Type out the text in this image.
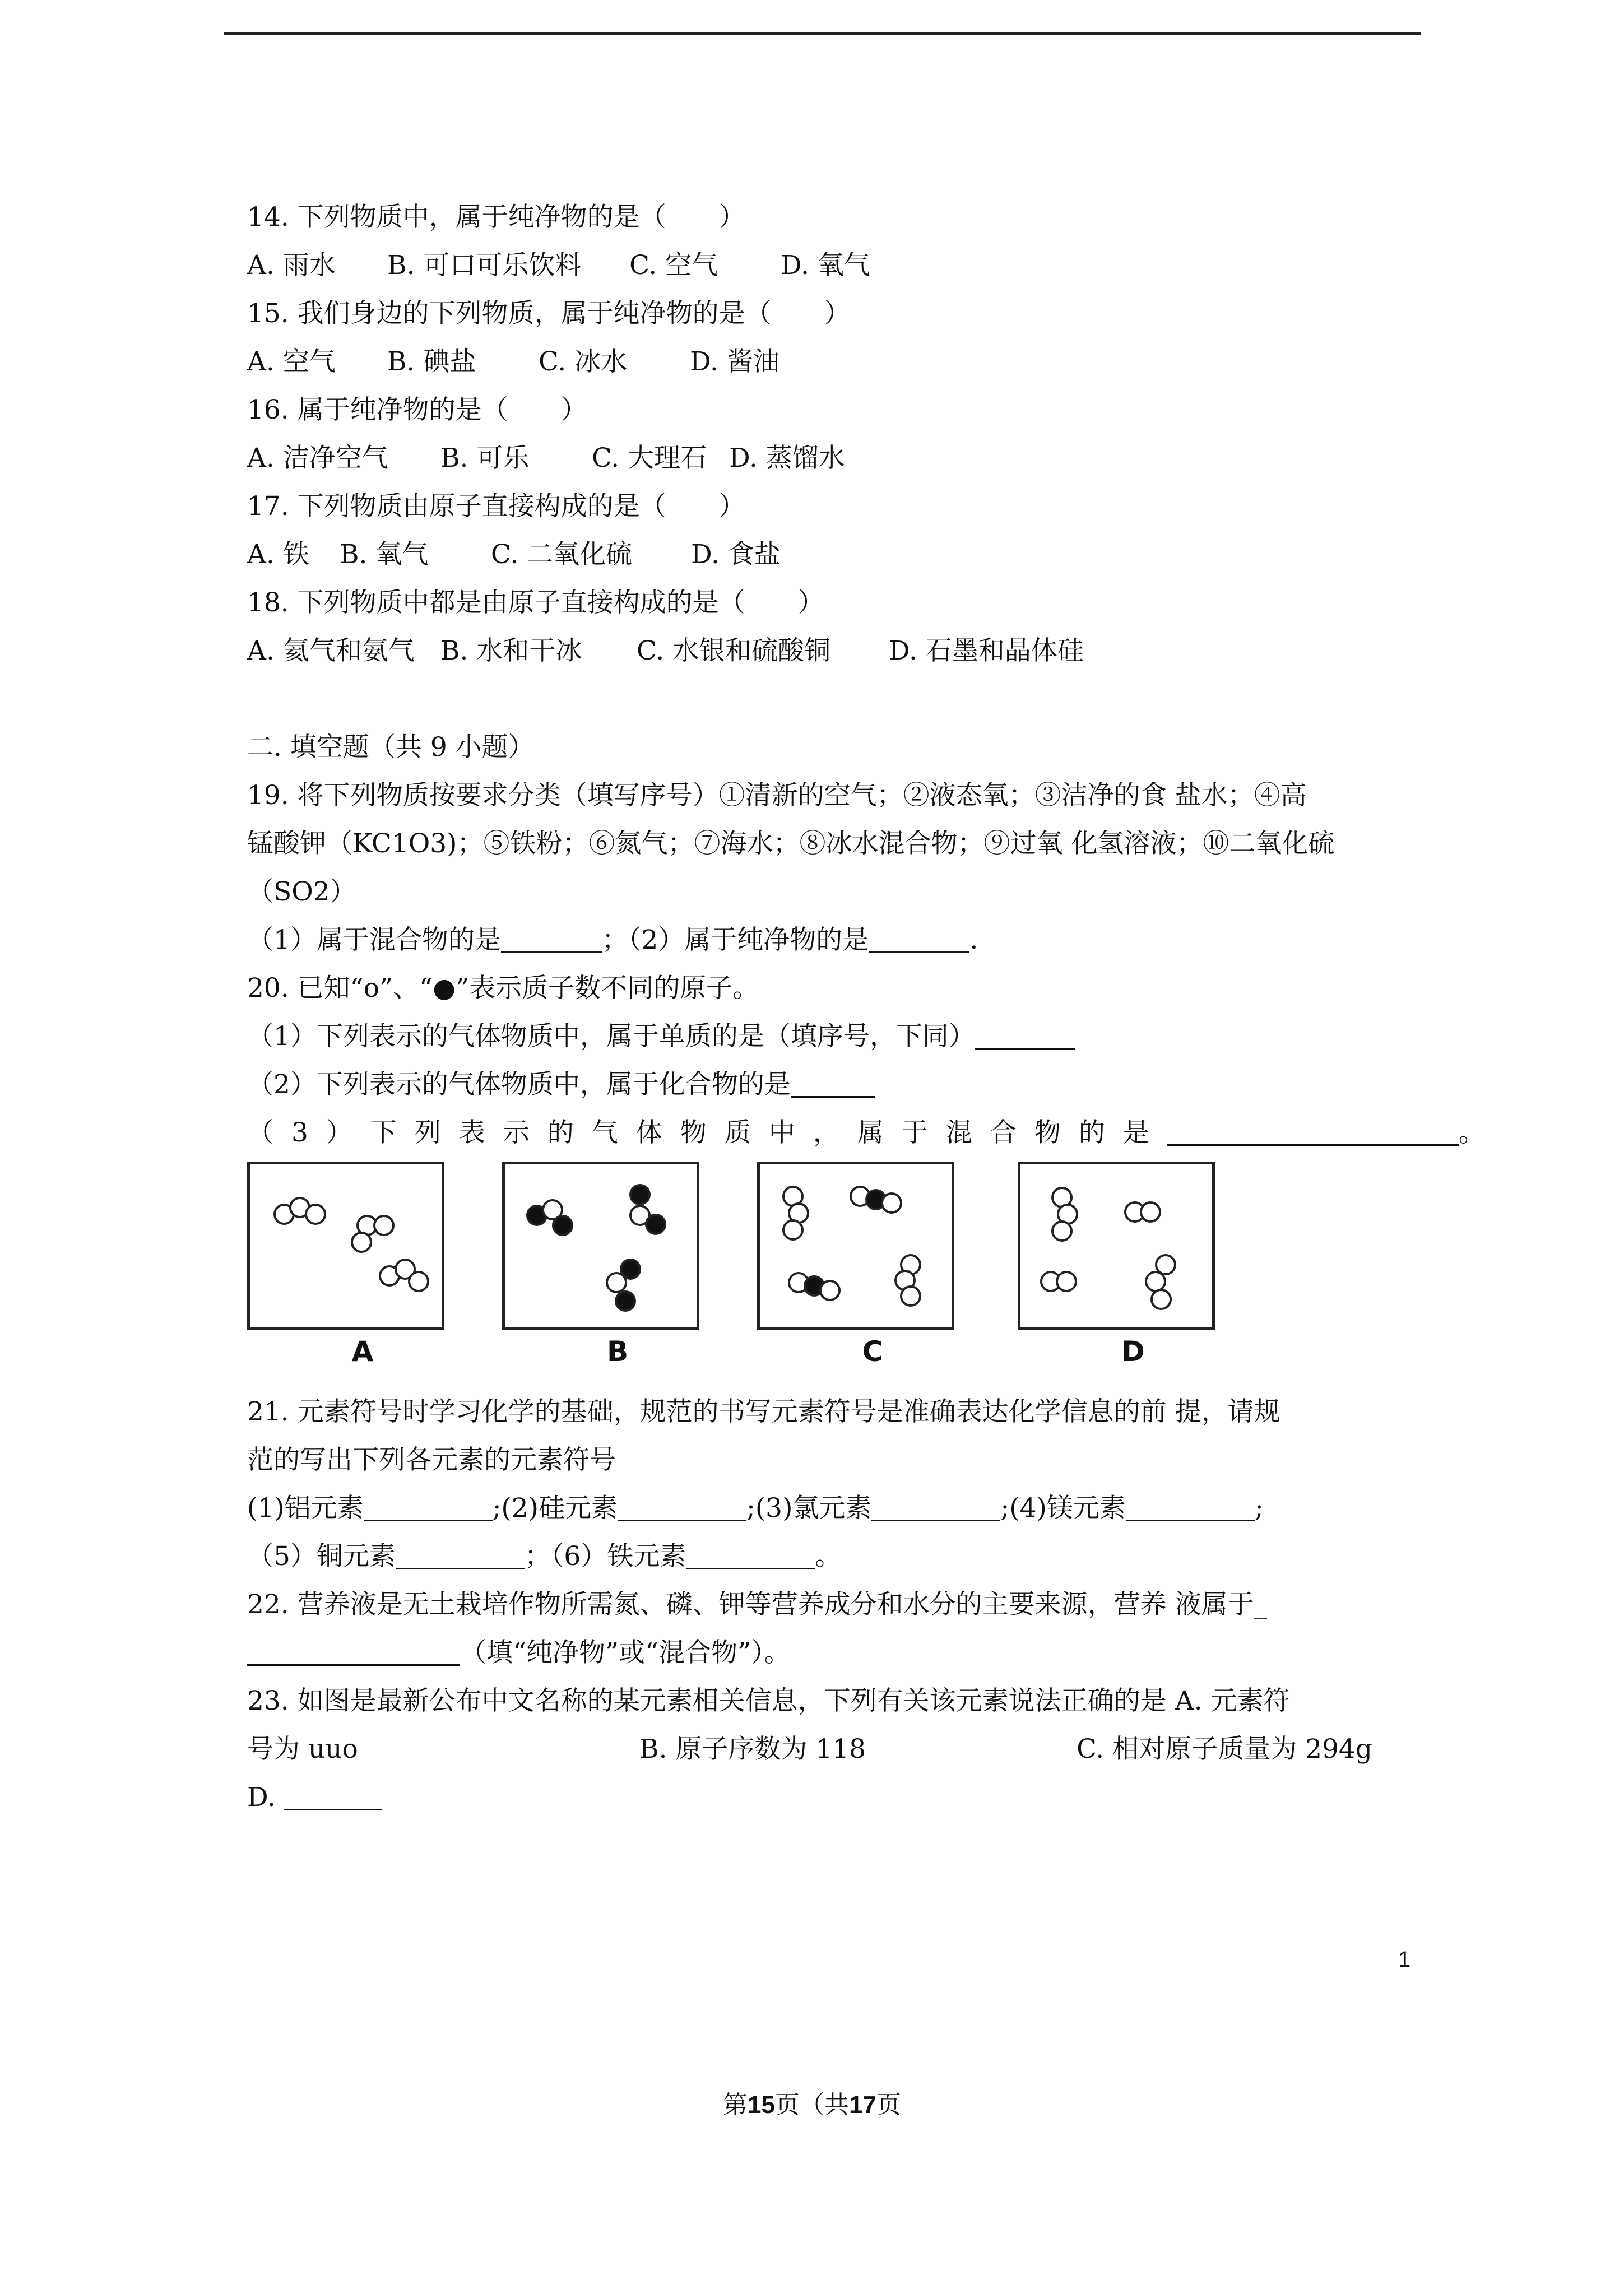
14. 下列物质中，属于纯净物的是（　　）
A. 雨水 B. 可口可乐饮料 C. 空气 D. 氧气
15. 我们身边的下列物质，属于纯净物的是（　　）
A. 空气 B. 碘盐 C. 冰水 D. 酱油
16. 属于纯净物的是（　　）
A. 洁净空气 B. 可乐 C. 大理石 D. 蒸馏水
17. 下列物质由原子直接构成的是（　　）
A. 铁 B. 氧气 C. 二氧化硫 D. 食盐
18. 下列物质中都是由原子直接构成的是（　　）
A. 氦气和氨气 B. 水和干冰 C. 水银和硫酸铜 D. 石墨和晶体硅
二. 填空题（共 9 小题）
19. 将下列物质按要求分类（填写序号）①清新的空气；②液态氧；③洁净的食 盐水；④高
锰酸钾（KC1O3)；⑤铁粉；⑥氮气；⑦海水；⑧冰水混合物；⑨过氧 化氢溶液；⑩二氧化硫
（SO2）
（1）属于混合物的是	；（2）属于纯净物的是	.
20. 已知“o”、“●”表示质子数不同的原子。
（1）下列表示的气体物质中，属于单质的是（填序号，下同）
（2）下列表示的气体物质中，属于化合物的是
（3）下列表示的气体物质中，属于混合物的是	。
A	B	C	D
21. 元素符号时学习化学的基础，规范的书写元素符号是准确表达化学信息的前 提，请规
范的写出下列各元素的元素符号
(1)铝元素	;(2)硅元素	;(3)氯元素	;(4)镁元素	;
（5）铜元素	；（6）铁元素	。
22. 营养液是无土栽培作物所需氮、磷、钾等营养成分和水分的主要来源，营养 液属于_
（填“纯净物”或“混合物”）。
23. 如图是最新公布中文名称的某元素相关信息，下列有关该元素说法正确的是 A. 元素符
号为 uuo	B. 原子序数为 118	C. 相对原子质量为 294g
D.
1
第15页（共17页
